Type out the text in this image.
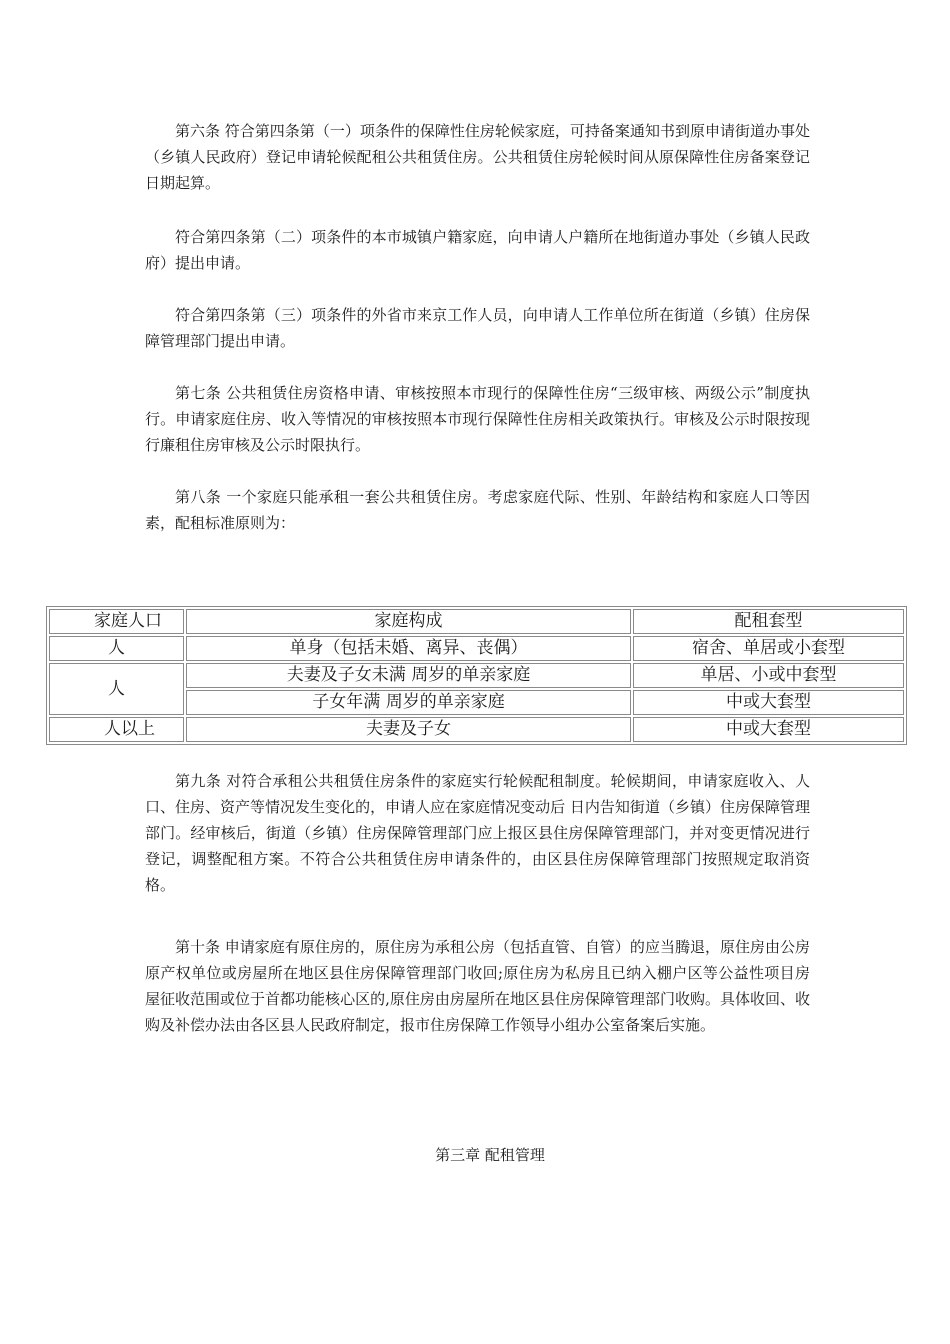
第六条 符合第四条第（一）项条件的保障性住房轮候家庭，可持备案通知书到原申请街道办事处（乡镇人民政府）登记申请轮候配租公共租赁住房。公共租赁住房轮候时间从原保障性住房备案登记日期起算。

符合第四条第（二）项条件的本市城镇户籍家庭，向申请人户籍所在地街道办事处（乡镇人民政府）提出申请。

符合第四条第（三）项条件的外省市来京工作人员，向申请人工作单位所在街道（乡镇）住房保障管理部门提出申请。

第七条 公共租赁住房资格申请、审核按照本市现行的保障性住房“三级审核、两级公示”制度执行。申请家庭住房、收入等情况的审核按照本市现行保障性住房相关政策执行。审核及公示时限按现行廉租住房审核及公示时限执行。

第八条 一个家庭只能承租一套公共租赁住房。考虑家庭代际、性别、年龄结构和家庭人口等因素，配租标准原则为：

家庭人口	家庭构成	配租套型
人	单身（包括未婚、离异、丧偶）	宿舍、单居或小套型
人	夫妻及子女未满 周岁的单亲家庭	单居、小或中套型
	子女年满 周岁的单亲家庭	中或大套型
人以上	夫妻及子女	中或大套型

第九条 对符合承租公共租赁住房条件的家庭实行轮候配租制度。轮候期间，申请家庭收入、人口、住房、资产等情况发生变化的，申请人应在家庭情况变动后 日内告知街道（乡镇）住房保障管理部门。经审核后，街道（乡镇）住房保障管理部门应上报区县住房保障管理部门，并对变更情况进行登记，调整配租方案。不符合公共租赁住房申请条件的，由区县住房保障管理部门按照规定取消资格。

第十条 申请家庭有原住房的，原住房为承租公房（包括直管、自管）的应当腾退，原住房由公房原产权单位或房屋所在地区县住房保障管理部门收回;原住房为私房且已纳入棚户区等公益性项目房屋征收范围或位于首都功能核心区的,原住房由房屋所在地区县住房保障管理部门收购。具体收回、收购及补偿办法由各区县人民政府制定，报市住房保障工作领导小组办公室备案后实施。

第三章 配租管理
